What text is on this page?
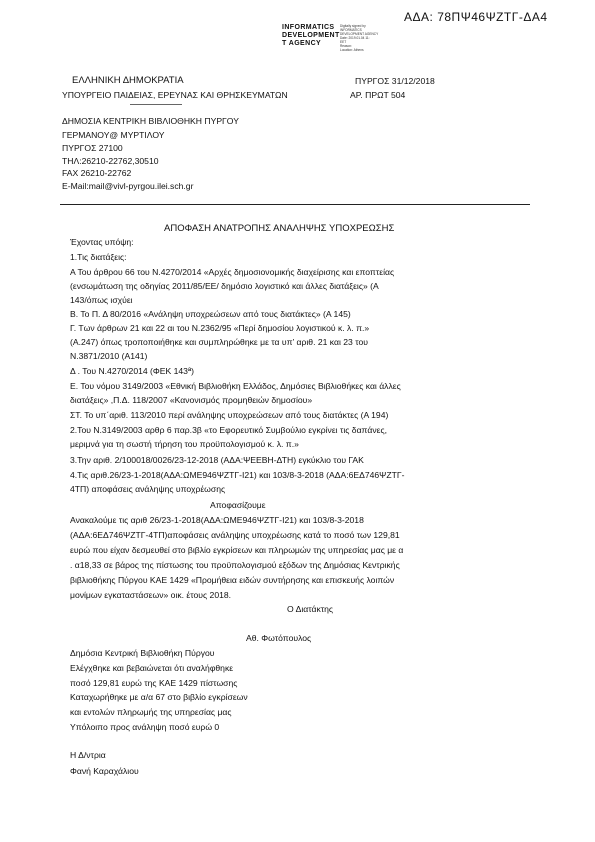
ΑΔΑ: 78ΠΨ46ΨΖΤΓ-ΔΑ4
INFORMATICS
DEVELOPMENT
T AGENCY
Digitally signed by
INFORMATICS
DEVELOPMENT AGENCY
Date: 2019.01.04 11:
EET
Reason:
Location: Athens
ΕΛΛΗΝΙΚΗ ΔΗΜΟΚΡΑΤΙΑ	ΠΥΡΓΟΣ 31/12/2018
ΥΠΟΥΡΓΕΙΟ ΠΑΙΔΕΙΑΣ, ΕΡΕΥΝΑΣ ΚΑΙ ΘΡΗΣΚΕΥΜΑΤΩΝ	ΑΡ. ΠΡΩΤ 504
ΔΗΜΟΣΙΑ ΚΕΝΤΡΙΚΗ ΒΙΒΛΙΟΘΗΚΗ ΠΥΡΓΟΥ
ΓΕΡΜΑΝΟΥ@ ΜΥΡΤΙΛΟΥ
ΠΥΡΓΟΣ 27100
ΤΗΛ:26210-22762,30510
FAX 26210-22762
E-Mail:mail@vivl-pyrgou.ilei.sch.gr
ΑΠΟΦΑΣΗ ΑΝΑΤΡΟΠΗΣ ΑΝΑΛΗΨΗΣ ΥΠΟΧΡΕΩΣΗΣ
Έχοντας υπόψη:
1.Τις διατάξεις:
Α Του άρθρου 66 του Ν.4270/2014 «Αρχές δημοσιονομικής διαχείρισης και εποπτείας
(ενσωμάτωση της οδηγίας 2011/85/ΕΕ/ δημόσιο λογιστικό και άλλες διατάξεις» (Α
143/όπως ισχύει
Β. Το Π. Δ 80/2016 «Ανάληψη υποχρεώσεων από τους διατάκτες» (Α 145)
Γ. Των άρθρων 21 και 22 αι του Ν.2362/95 «Περί δημοσίου λογιστικού κ. λ. π.»
(Α.247) όπως τροποποιήθηκε και συμπληρώθηκε με τα υπ’ αριθ. 21 και 23 του
Ν.3871/2010 (Α141)
Δ . Του Ν.4270/2014 (ΦΕΚ 143ª)
Ε. Του νόμου 3149/2003 «Εθνική Βιβλιοθήκη Ελλάδος, Δημόσιες Βιβλιοθήκες και άλλες
διατάξεις» ,Π.Δ. 118/2007 «Κανονισμός προμηθειών δημοσίου»
ΣΤ. Το υπ΄αριθ. 113/2010 περί ανάληψης υποχρεώσεων από τους διατάκτες (Α 194)
2.Του Ν.3149/2003 αρθρ 6 παρ.3β «το Εφορευτικό Συμβούλιο εγκρίνει τις δαπάνες,
μεριμνά για τη σωστή τήρηση του προϋπολογισμού κ. λ. π.»
3.Την αριθ. 2/100018/0026/23-12-2018 (ΑΔΑ:ΨΕΕΒΗ-ΔΤΗ) εγκύκλιο του ΓΑΚ
4.Τις αριθ.26/23-1-2018(ΑΔΑ:ΩΜΕ946ΨΖΤΓ-Ι21) και 103/8-3-2018 (ΑΔΑ:6ΕΔ746ΨΖΤΓ-
4ΤΠ) αποφάσεις ανάληψης υποχρέωσης
Αποφασίζουμε
Ανακαλούμε τις αριθ 26/23-1-2018(ΑΔΑ:ΩΜΕ946ΨΖΤΓ-Ι21) και 103/8-3-2018
(ΑΔΑ:6ΕΔ746ΨΖΤΓ-4ΤΠ)αποφάσεις ανάληψης υποχρέωσης κατά το ποσό των 129,81
ευρώ που είχαν δεσμευθεί στο βιβλίο εγκρίσεων και πληρωμών της υπηρεσίας μας με α
. α18,33 σε βάρος της πίστωσης του προϋπολογισμού εξόδων της Δημόσιας Κεντρικής
βιβλιοθήκης Πύργου ΚΑΕ 1429 «Προμήθεια ειδών συντήρησης και επισκευής λοιπών
μονίμων εγκαταστάσεων» οικ. έτους 2018.
Ο Διατάκτης
Αθ. Φωτόπουλος
Δημόσια Κεντρική Βιβλιοθήκη Πύργου
Ελέγχθηκε και βεβαιώνεται ότι αναλήφθηκε
ποσό 129,81 ευρώ της ΚΑΕ 1429 πίστωσης
Καταχωρήθηκε με α/α 67 στο βιβλίο εγκρίσεων
και εντολών πληρωμής της υπηρεσίας μας
Υπόλοιπο προς ανάληψη ποσό ευρώ 0
Η Δ/ντρια
Φανή Καραχάλιου
